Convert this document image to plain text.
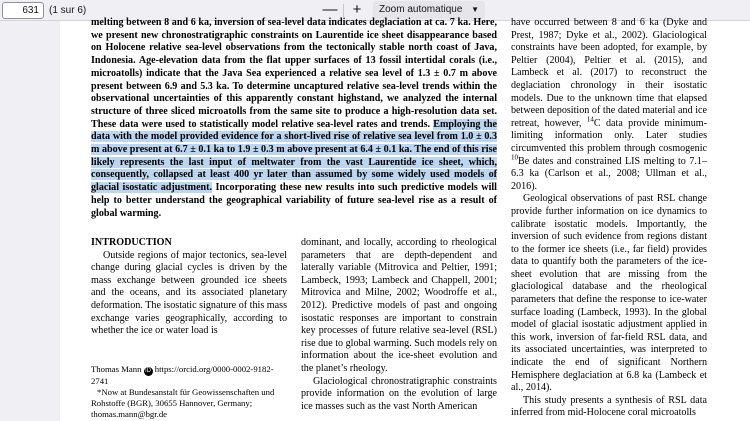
631
(1 sur 6)	—	+	Zoom automatique ▼
melting between 8 and 6 ka, inversion of sea-level data indicates deglaciation at ca. 7 ka. Here, we present new chronostratigraphic constraints on Laurentide ice sheet disappearance based on Holocene relative sea-level observations from the tectonically stable north coast of Java, Indonesia. Age-elevation data from the flat upper surfaces of 13 fossil intertidal corals (i.e., microatolls) indicate that the Java Sea experienced a relative sea level of 1.3 ± 0.7 m above present between 6.9 and 5.3 ka. To determine uncaptured relative sea-level trends within the observational uncertainties of this apparently constant highstand, we analyzed the internal structure of three sliced microatolls from the same site to produce a high-resolution data set. These data were used to statistically model relative sea-level rates and trends. Employing the data with the model provided evidence for a short-lived rise of relative sea level from 1.0 ± 0.3 m above present at 6.7 ± 0.1 ka to 1.9 ± 0.3 m above present at 6.4 ± 0.1 ka. The end of this rise likely represents the last input of meltwater from the vast Laurentide ice sheet, which, consequently, collapsed at least 400 yr later than assumed by some widely used models of glacial isostatic adjustment. Incorporating these new results into such predictive models will help to better understand the geographical variability of future sea-level rise as a result of global warming.
INTRODUCTION

Outside regions of major tectonics, sea-level change during glacial cycles is driven by the mass exchange between grounded ice sheets and the oceans, and its associated planetary deformation. The isostatic signature of this mass exchange varies geographically, according to whether the ice or water load is

Thomas Mann iD https://orcid.org/0000-0002-9182-2741
*Now at Bundesanstalt für Geowissenschaften und Rohstoffe (BGR), 30655 Hannover, Germany; thomas.mann@bgr.de

dominant, and locally, according to rheological parameters that are depth-dependent and laterally variable (Mitrovica and Peltier, 1991; Lambeck, 1993; Lambeck and Chappell, 2001; Mitrovica and Milne, 2002; Woodroffe et al., 2012). Predictive models of past and ongoing isostatic responses are important to constrain key processes of future relative sea-level (RSL) rise due to global warming. Such models rely on information about the ice-sheet evolution and the planet’s rheology.

Glaciological chronostratigraphic constraints provide information on the evolution of large ice masses such as the vast North American

have occurred between 8 and 6 ka (Dyke and Prest, 1987; Dyke et al., 2002). Glaciological constraints have been adopted, for example, by Peltier (2004), Peltier et al. (2015), and Lambeck et al. (2017) to reconstruct the deglaciation chronology in their isostatic models. Due to the unknown time that elapsed between deposition of the dated material and ice retreat, however, $^{14}$C data provide minimum-limiting information only. Later studies circumvented this problem through cosmogenic $^{10}$Be dates and constrained LIS melting to 7.1–6.3 ka (Carlson et al., 2008; Ullman et al., 2016).

Geological observations of past RSL change provide further information on ice dynamics to calibrate isostatic models. Importantly, the inversion of such evidence from regions distant to the former ice sheets (i.e., far field) provides data to quantify both the parameters of the ice-sheet evolution that are missing from the glaciological database and the rheological parameters that define the response to ice-water surface loading (Lambeck, 1993). In the global model of glacial isostatic adjustment applied in this work, inversion of far-field RSL data, and its associated uncertainties, was interpreted to indicate the end of significant Northern Hemisphere deglaciation at 6.8 ka (Lambeck et al., 2014).

This study presents a synthesis of RSL data inferred from mid-Holocene coral microatolls
